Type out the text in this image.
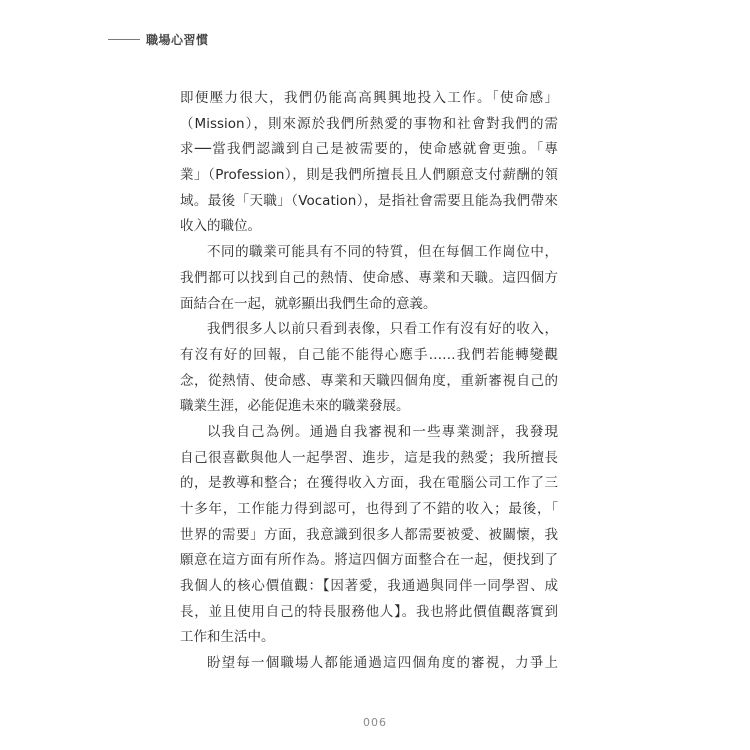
職場心習慣
即便壓力很大，我們仍能高高興興地投入工作。「使命感」
（Mission），則來源於我們所熱愛的事物和社會對我們的需
求──當我們認識到自己是被需要的，使命感就會更強。「專
業」（Profession），則是我們所擅長且人們願意支付薪酬的領
域。最後「天職」（Vocation），是指社會需要且能為我們帶來
收入的職位。
不同的職業可能具有不同的特質，但在每個工作崗位中，
我們都可以找到自己的熱情、使命感、專業和天職。這四個方
面結合在一起，就彰顯出我們生命的意義。
我們很多人以前只看到表像，只看工作有沒有好的收入，
有沒有好的回報，自己能不能得心應手……我們若能轉變觀
念，從熱情、使命感、專業和天職四個角度，重新審視自己的
職業生涯，必能促進未來的職業發展。
以我自己為例。通過自我審視和一些專業測評，我發現
自己很喜歡與他人一起學習、進步，這是我的熱愛；我所擅長
的，是教導和整合；在獲得收入方面，我在電腦公司工作了三
十多年，工作能力得到認可，也得到了不錯的收入；最後，「
世界的需要」方面，我意識到很多人都需要被愛、被關懷，我
願意在這方面有所作為。將這四個方面整合在一起，便找到了
我個人的核心價值觀：【因著愛，我通過與同伴一同學習、成
長，並且使用自己的特長服務他人】。我也將此價值觀落實到
工作和生活中。
盼望每一個職場人都能通過這四個角度的審視，力爭上
006
